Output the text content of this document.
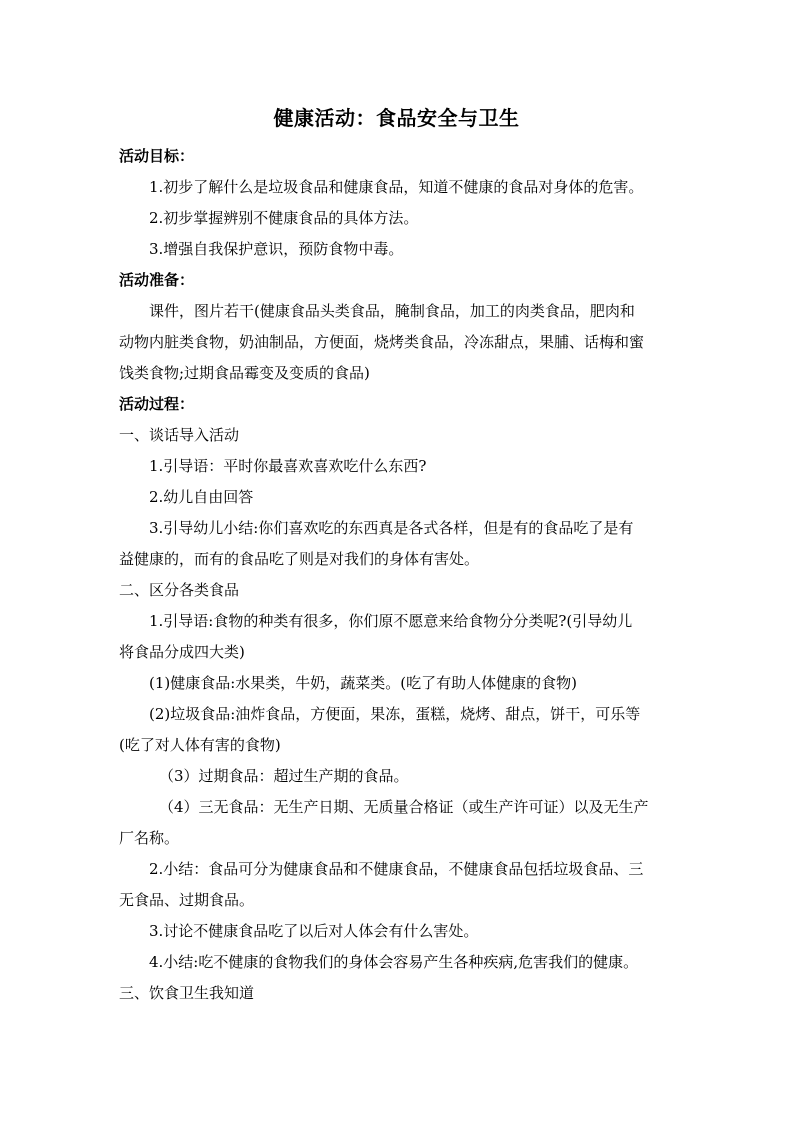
健康活动：食品安全与卫生
活动目标：
1.初步了解什么是垃圾食品和健康食品，知道不健康的食品对身体的危害。
2.初步掌握辨别不健康食品的具体方法。
3.增强自我保护意识，预防食物中毒。
活动准备：
课件，图片若干(健康食品头类食品，腌制食品，加工的肉类食品，肥肉和
动物内脏类食物，奶油制品，方便面，烧烤类食品，冷冻甜点，果脯、话梅和蜜
饯类食物;过期食品霉变及变质的食品)
活动过程：
一、谈话导入活动
1.引导语：平时你最喜欢喜欢吃什么东西?
2.幼儿自由回答
3.引导幼儿小结:你们喜欢吃的东西真是各式各样，但是有的食品吃了是有
益健康的，而有的食品吃了则是对我们的身体有害处。
二、区分各类食品
1.引导语:食物的种类有很多，你们原不愿意来给食物分分类呢?(引导幼儿
将食品分成四大类)
(1)健康食品:水果类，牛奶，蔬菜类。(吃了有助人体健康的食物)
(2)垃圾食品:油炸食品，方便面，果冻，蛋糕，烧烤、甜点，饼干，可乐等
(吃了对人体有害的食物)
（3）过期食品：超过生产期的食品。
（4）三无食品：无生产日期、无质量合格证（或生产许可证）以及无生产
厂名称。
2.小结：食品可分为健康食品和不健康食品，不健康食品包括垃圾食品、三
无食品、过期食品。
3.讨论不健康食品吃了以后对人体会有什么害处。
4.小结:吃不健康的食物我们的身体会容易产生各种疾病,危害我们的健康。
三、饮食卫生我知道
